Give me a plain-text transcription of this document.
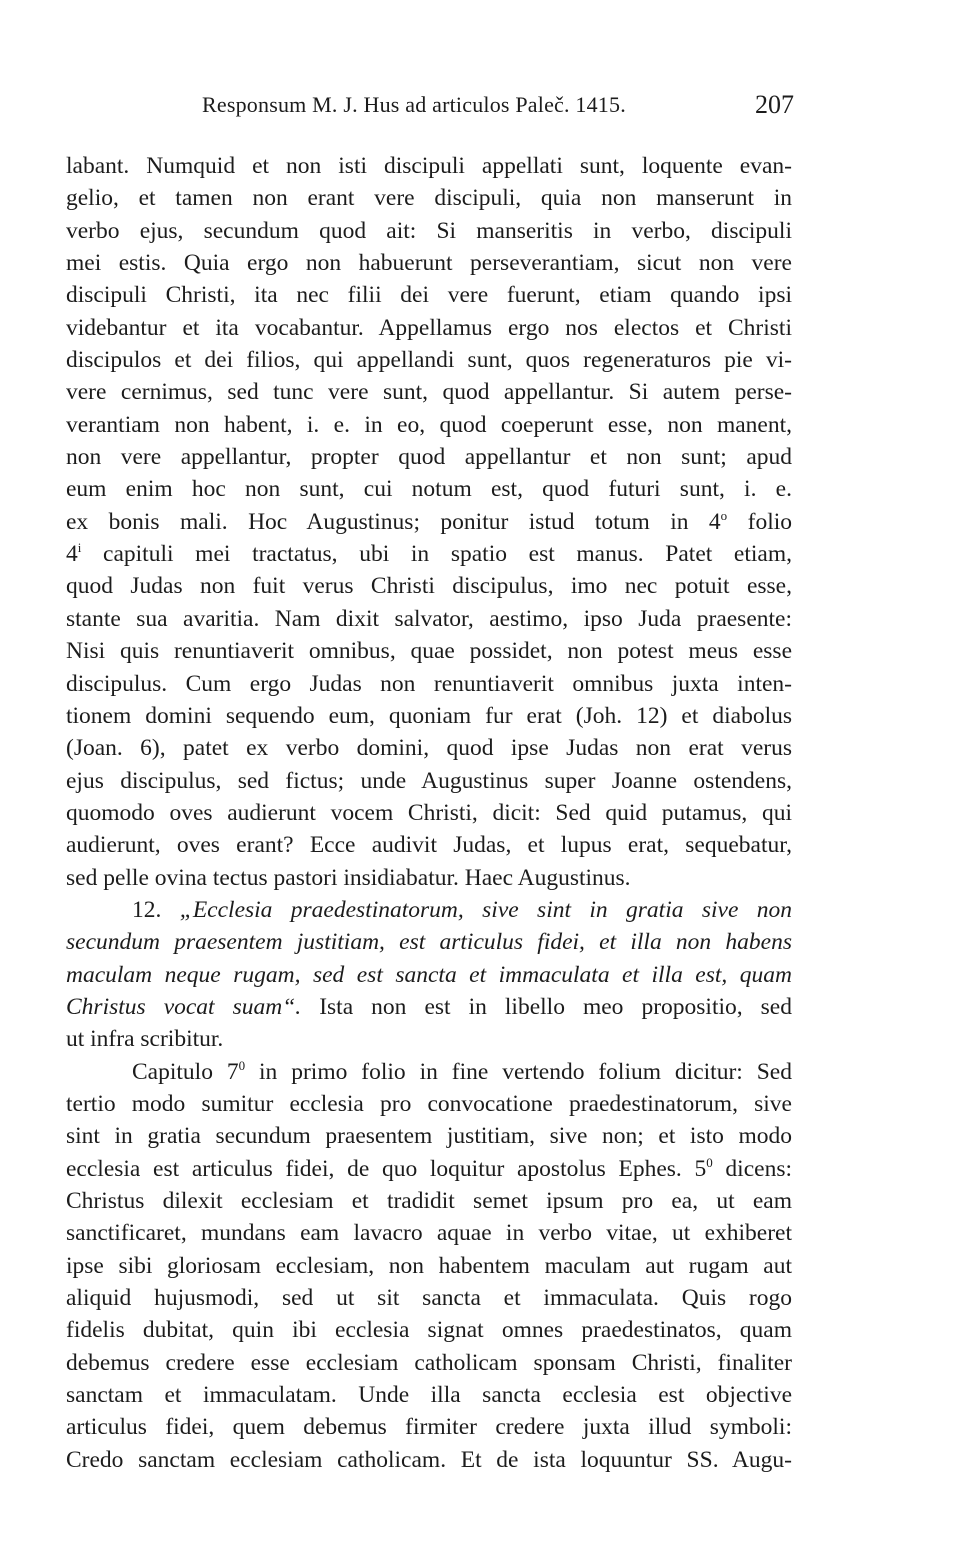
Responsum M. J. Hus ad articulos Paleč. 1415.	207
labant. Numquid et non isti discipuli appellati sunt, loquente evan-
gelio, et tamen non erant vere discipuli, quia non manserunt in
verbo ejus, secundum quod ait: Si manseritis in verbo, discipuli
mei estis. Quia ergo non habuerunt perseverantiam, sicut non vere
discipuli Christi, ita nec filii dei vere fuerunt, etiam quando ipsi
videbantur et ita vocabantur. Appellamus ergo nos electos et Christi
discipulos et dei filios, qui appellandi sunt, quos regeneraturos pie vi-
vere cernimus, sed tunc vere sunt, quod appellantur. Si autem perse-
verantiam non habent, i. e. in eo, quod coeperunt esse, non manent,
non vere appellantur, propter quod appellantur et non sunt; apud
eum enim hoc non sunt, cui notum est, quod futuri sunt, i. e.
ex bonis mali. Hoc Augustinus; ponitur istud totum in 4$^o$ folio
4$^i$ capituli mei tractatus, ubi in spatio est manus. Patet etiam,
quod Judas non fuit verus Christi discipulus, imo nec potuit esse,
stante sua avaritia. Nam dixit salvator, aestimo, ipso Juda praesente:
Nisi quis renuntiaverit omnibus, quae possidet, non potest meus esse
discipulus. Cum ergo Judas non renuntiaverit omnibus juxta inten-
tionem domini sequendo eum, quoniam fur erat (Joh. 12) et diabolus
(Joan. 6), patet ex verbo domini, quod ipse Judas non erat verus
ejus discipulus, sed fictus; unde Augustinus super Joanne ostendens,
quomodo oves audierunt vocem Christi, dicit: Sed quid putamus, qui
audierunt, oves erant? Ecce audivit Judas, et lupus erat, sequebatur,
sed pelle ovina tectus pastori insidiabatur. Haec Augustinus.
12. „Ecclesia praedestinatorum, sive sint in gratia sive non
secundum praesentem justitiam, est articulus fidei, et illa non habens
maculam neque rugam, sed est sancta et immaculata et illa est, quam
Christus vocat suam“. Ista non est in libello meo propositio, sed
ut infra scribitur.
Capitulo $7^0$ in primo folio in fine vertendo folium dicitur: Sed
tertio modo sumitur ecclesia pro convocatione praedestinatorum, sive
sint in gratia secundum praesentem justitiam, sive non; et isto modo
ecclesia est articulus fidei, de quo loquitur apostolus Ephes. $5^0$ dicens:
Christus dilexit ecclesiam et tradidit semet ipsum pro ea, ut eam
sanctificaret, mundans eam lavacro aquae in verbo vitae, ut exhiberet
ipse sibi gloriosam ecclesiam, non habentem maculam aut rugam aut
aliquid hujusmodi, sed ut sit sancta et immaculata. Quis rogo
fidelis dubitat, quin ibi ecclesia signat omnes praedestinatos, quam
debemus credere esse ecclesiam catholicam sponsam Christi, finaliter
sanctam et immaculatam. Unde illa sancta ecclesia est objective
articulus fidei, quem debemus firmiter credere juxta illud symboli:
Credo sanctam ecclesiam catholicam. Et de ista loquuntur SS. Augu-
